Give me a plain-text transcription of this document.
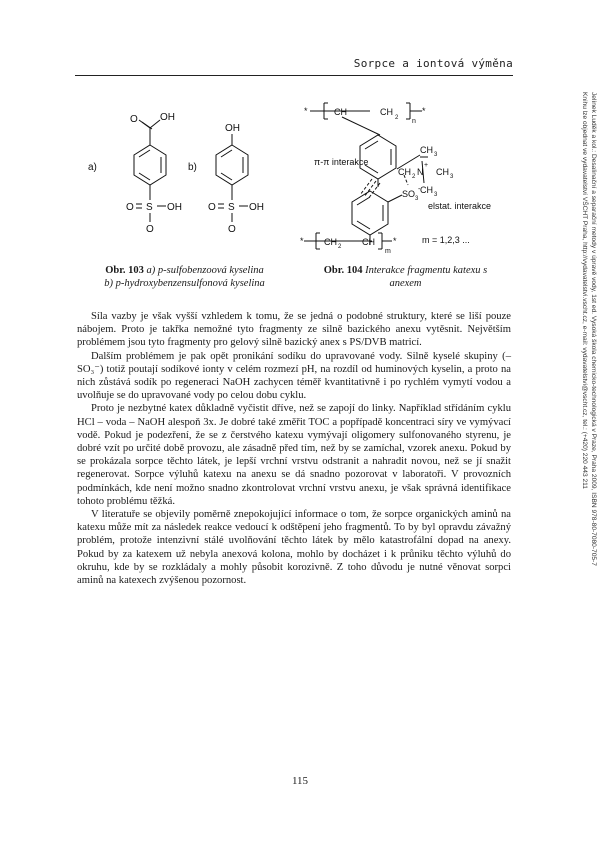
Sorpce a iontová výměna
Jelínek Luděk a kol.: Desalinační a separační metody v úpravě vody, 1st ed. Vysoká škola chemicko-technologická v Praze, Praha 2009, ISBN 978-80-7080-705-7
Knihu lze objednat ve vydavatelství VŠCHT Praha, http://vydavatelstvi.vscht.cz, e-mail: vydavatelstvi@vscht.cz, tel.: (+420) 220 443 211
O OH
a)	b)
S
O	OH
O
OH
S
O	OH
O
*	CH	CH
2 n
*
π-π interakce
CH 3
CH 2 N
+
CH 3
CH 3
SO 3
-
elstat. interakce
* CH 2 CH
m
*	m = 1,2,3 ...
Obr. 103 a) p-sulfobenzoová kyselina
b) p-hydroxybenzensulfonová kyselina
Obr. 104 Interakce fragmentu katexu s anexem

Síla vazby je však vyšší vzhledem k tomu, že se jedná o podobné struktury, které se liší pouze nábojem. Proto je takřka nemožné tyto fragmenty ze silně bazického anexu vytěsnit. Největším problémem jsou tyto fragmenty pro gelový silně bazický anex s PS/DVB matricí.

Dalším problémem je pak opět pronikání sodíku do upravované vody. Silně kyselé skupiny (–SO₃⁻) totiž poutají sodíkové ionty v celém rozmezí pH, na rozdíl od huminových kyselin, a proto na nich zůstává sodík po regeneraci NaOH zachycen téměř kvantitativně i po rychlém vymytí vodou a uvolňuje se do upravované vody po celou dobu cyklu.

Proto je nezbytné katex důkladně vyčistit dříve, než se zapojí do linky. Například střídáním cyklu HCl – voda – NaOH alespoň 3x. Je dobré také změřit TOC a popřípadě koncentraci síry ve vymývací vodě. Pokud je podezření, že se z čerstvého katexu vymývají oligomery sulfonovaného styrenu, je dobré vzít po určité době provozu, ale zásadně před tím, než by se zamíchal, vzorek anexu. Pokud by se prokázala sorpce těchto látek, je lepší vrchní vrstvu odstranit a nahradit novou, než se jí snažit regenerovat. Sorpce výluhů katexu na anexu se dá snadno pozorovat v laboratoři. V provozních podmínkách, kde není možno snadno zkontrolovat vrchní vrstvu anexu, je však správná identifikace tohoto problému těžká.

V literatuře se objevily poměrně znepokojující informace o tom, že sorpce organických aminů na katexu může mít za následek reakce vedoucí k odštěpení jeho fragmentů. To by byl opravdu závažný problém, protože intenzivní stálé uvolňování těchto látek by mělo katastrofální dopad na anexy. Pokud by za katexem už nebyla anexová kolona, mohlo by docházet i k průniku těchto výluhů do okruhu, kde by se rozkládaly a mohly působit korozivně. Z toho důvodu je nutné věnovat sorpci aminů na katexech zvýšenou pozornost.

115
